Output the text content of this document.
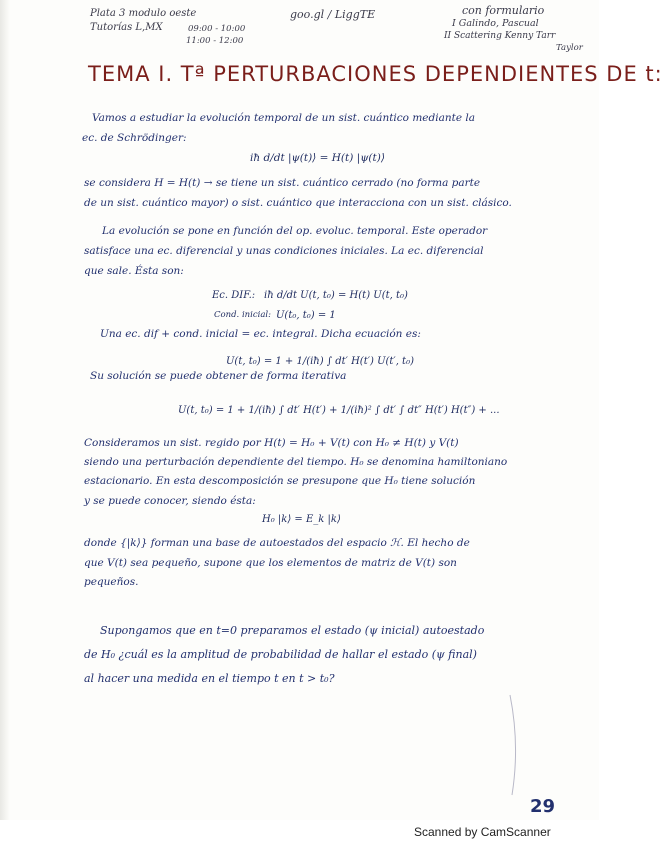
Plata 3 modulo oeste
Tutorías L,MX	09:00 - 10:00
11:00 - 12:00
goo.gl / LiggTE	con formulario
I Galindo, Pascual
II Scattering Kenny Tarr
Taylor
TEMA I. Tª PERTURBACIONES DEPENDIENTES DE t:
Vamos a estudiar la evolución temporal de un sist. cuántico mediante la
ec. de Schrödinger:
iħ d/dt |ψ(t)⟩ = H(t) |ψ(t)⟩
se considera H = H(t) → se tiene un sist. cuántico cerrado (no forma parte
de un sist. cuántico mayor) o sist. cuántico que interacciona con un sist. clásico.
La evolución se pone en función del op. evoluc. temporal. Este operador
satisface una ec. diferencial y unas condiciones iniciales. La ec. diferencial
que sale. Ésta son:
Ec. DIF.: iħ d/dt U(t, t₀) = H(t) U(t, t₀)
Cond. inicial: U(t₀, t₀) = 1
Una ec. dif + cond. inicial = ec. integral. Dicha ecuación es:
U(t, t₀) = 1 + 1/(iħ) ∫ dt′ H(t′) U(t′, t₀)
Su solución se puede obtener de forma iterativa
U(t, t₀) = 1 + 1/(iħ) ∫ dt′ H(t′) + 1/(iħ)² ∫ dt′ ∫ dt″ H(t′) H(t″) + ...
Consideramos un sist. regido por H(t) = H₀ + V(t) con H₀ ≠ H(t) y V(t)
siendo una perturbación dependiente del tiempo. H₀ se denomina hamiltoniano
estacionario. En esta descomposición se presupone que H₀ tiene solución
y se puede conocer, siendo ésta:
H₀ |k⟩ = E_k |k⟩
donde {|k⟩} forman una base de autoestados del espacio ℋ. El hecho de
que V(t) sea pequeño, supone que los elementos de matriz de V(t) son
pequeños.
Supongamos que en t=0 preparamos el estado (ψ inicial) autoestado
de H₀ ¿cuál es la amplitud de probabilidad de hallar el estado (ψ final)
al hacer una medida en el tiempo t en t > t₀?
29
Scanned by CamScanner
